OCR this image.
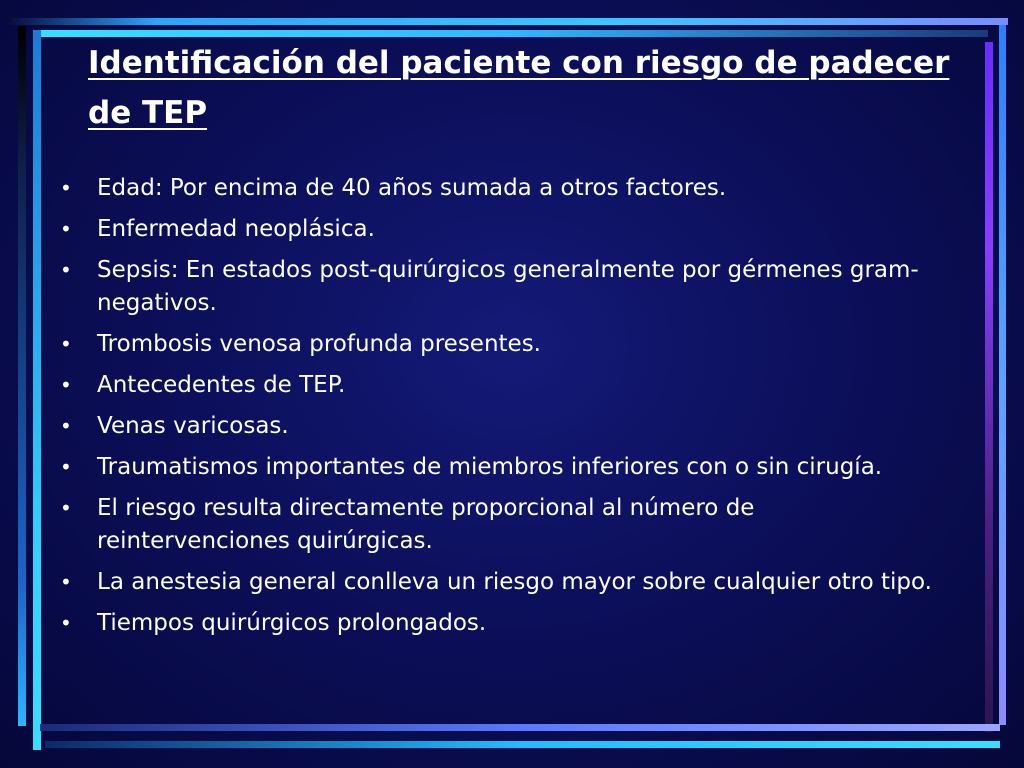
Identificación del paciente con riesgo de padecer de TEP
• Edad: Por encima de 40 años sumada a otros factores.
• Enfermedad neoplásica.
• Sepsis: En estados post-quirúrgicos generalmente por gérmenes gram-negativos.
• Trombosis venosa profunda presentes.
• Antecedentes de TEP.
• Venas varicosas.
• Traumatismos importantes de miembros inferiores con o sin cirugía.
• El riesgo resulta directamente proporcional al número de reintervenciones quirúrgicas.
• La anestesia general conlleva un riesgo mayor sobre cualquier otro tipo.
• Tiempos quirúrgicos prolongados.
